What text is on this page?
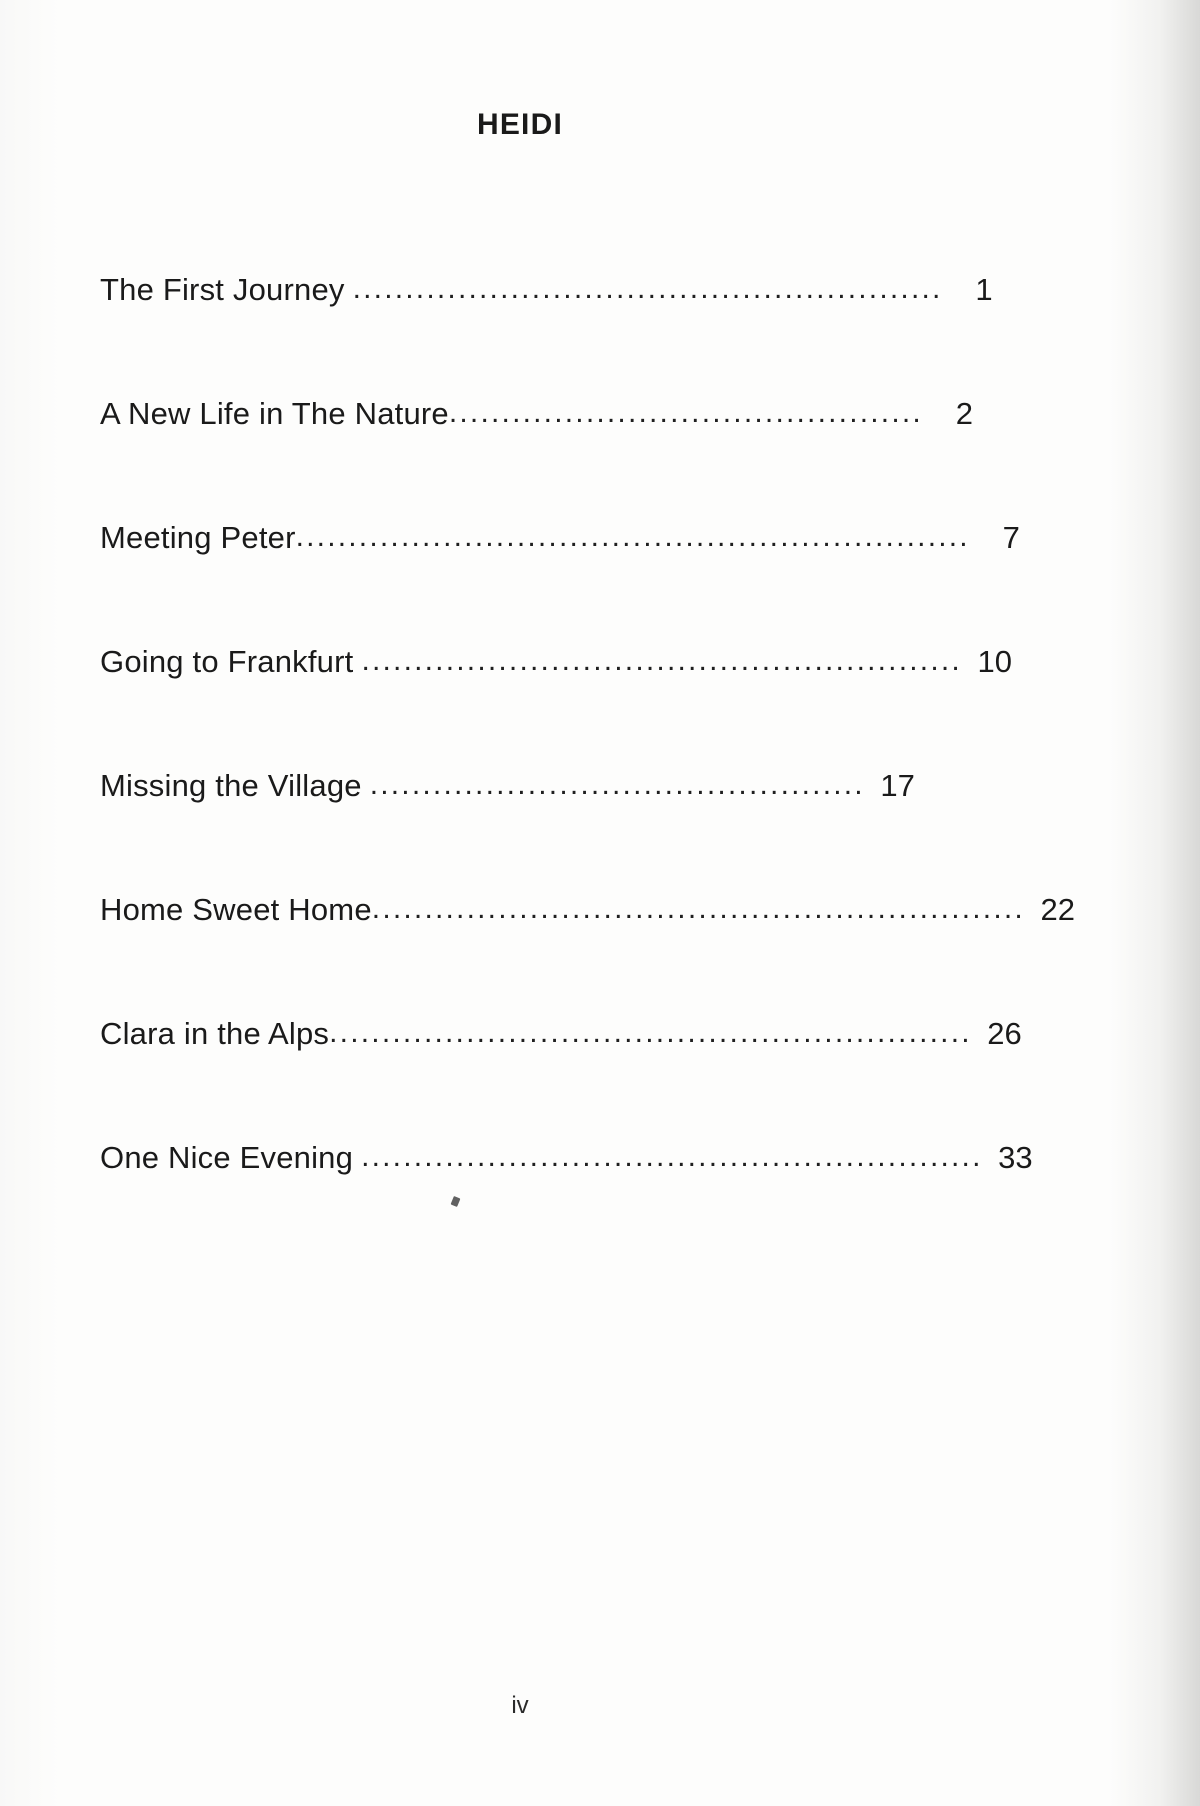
HEIDI
The First Journey ........................................................	1
A New Life in The Nature .............................................	2
Meeting Peter ................................................................	7
Going to Frankfurt ......................................................... 10
Missing the Village ............................................... 17
Home Sweet Home .............................................................. 22
Clara in the Alps ............................................................. 26
One Nice Evening ........................................................... 33
iv
